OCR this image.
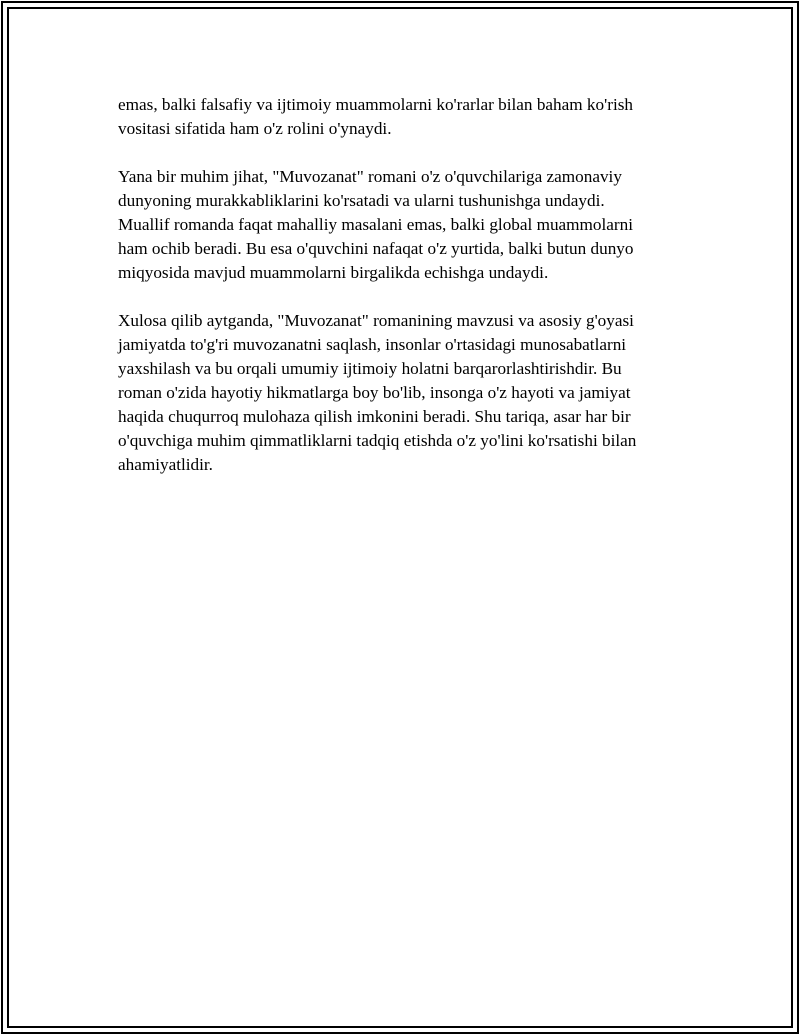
emas, balki falsafiy va ijtimoiy muammolarni ko'rarlar bilan baham ko'rish
vositasi sifatida ham o'z rolini o'ynaydi.

Yana bir muhim jihat, "Muvozanat" romani o'z o'quvchilariga zamonaviy
dunyoning murakkabliklarini ko'rsatadi va ularni tushunishga undaydi.
Muallif romanda faqat mahalliy masalani emas, balki global muammolarni
ham ochib beradi. Bu esa o'quvchini nafaqat o'z yurtida, balki butun dunyo
miqyosida mavjud muammolarni birgalikda echishga undaydi.

Xulosa qilib aytganda, "Muvozanat" romanining mavzusi va asosiy g'oyasi
jamiyatda to'g'ri muvozanatni saqlash, insonlar o'rtasidagi munosabatlarni
yaxshilash va bu orqali umumiy ijtimoiy holatni barqarorlashtirishdir. Bu
roman o'zida hayotiy hikmatlarga boy bo'lib, insonga o'z hayoti va jamiyat
haqida chuqurroq mulohaza qilish imkonini beradi. Shu tariqa, asar har bir
o'quvchiga muhim qimmatliklarni tadqiq etishda o'z yo'lini ko'rsatishi bilan
ahamiyatlidir.
